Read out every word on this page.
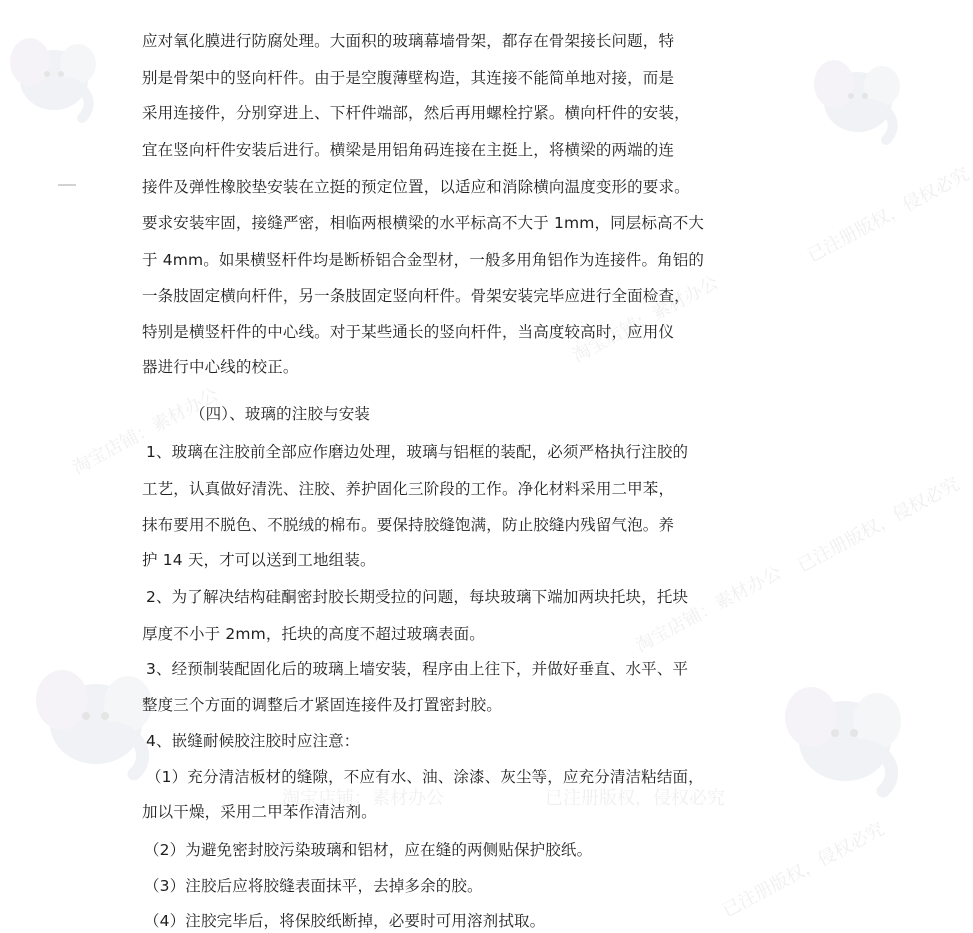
淘宝店铺：素材办公
已注册版权，侵权必究
淘宝店铺：素材办公
已注册版权，侵权必究
淘宝店铺：素材办公
已注册版权，侵权必究
淘宝店铺：素材办公
已注册版权，侵权必究
应对氧化膜进行防腐处理。大面积的玻璃幕墙骨架，都存在骨架接长问题，特
别是骨架中的竖向杆件。由于是空腹薄壁构造，其连接不能简单地对接，而是
采用连接件，分别穿进上、下杆件端部，然后再用螺栓拧紧。横向杆件的安装，
宜在竖向杆件安装后进行。横梁是用铝角码连接在主挺上，将横梁的两端的连
接件及弹性橡胶垫安装在立挺的预定位置，以适应和消除横向温度变形的要求。
要求安装牢固，接缝严密，相临两根横梁的水平标高不大于 1mm，同层标高不大
于 4mm。如果横竖杆件均是断桥铝合金型材，一般多用角铝作为连接件。角铝的
一条肢固定横向杆件，另一条肢固定竖向杆件。骨架安装完毕应进行全面检查，
特别是横竖杆件的中心线。对于某些通长的竖向杆件，当高度较高时，应用仪
器进行中心线的校正。
（四）、玻璃的注胶与安装
1、玻璃在注胶前全部应作磨边处理，玻璃与铝框的装配，必须严格执行注胶的
工艺，认真做好清洗、注胶、养护固化三阶段的工作。净化材料采用二甲苯，
抹布要用不脱色、不脱绒的棉布。要保持胶缝饱满，防止胶缝内残留气泡。养
护 14 天，才可以送到工地组装。
2、为了解决结构硅酮密封胶长期受拉的问题，每块玻璃下端加两块托块，托块
厚度不小于 2mm，托块的高度不超过玻璃表面。
3、经预制装配固化后的玻璃上墙安装，程序由上往下，并做好垂直、水平、平
整度三个方面的调整后才紧固连接件及打置密封胶。
4、嵌缝耐候胶注胶时应注意：
（1）充分清洁板材的缝隙，不应有水、油、涂漆、灰尘等，应充分清洁粘结面，
加以干燥，采用二甲苯作清洁剂。
（2）为避免密封胶污染玻璃和铝材，应在缝的两侧贴保护胶纸。
（3）注胶后应将胶缝表面抹平，去掉多余的胶。
（4）注胶完毕后，将保胶纸断掉，必要时可用溶剂拭取。
